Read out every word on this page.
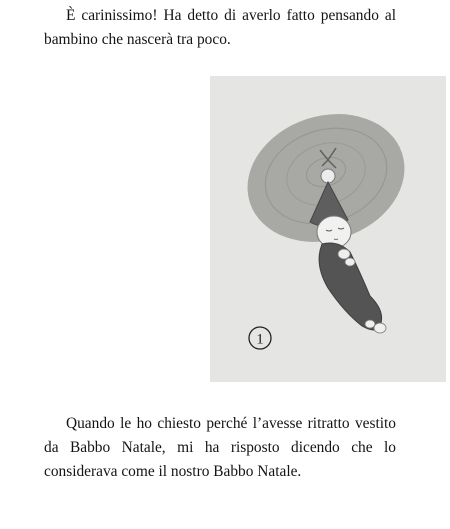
È carinissimo! Ha detto di averlo fatto pensando al bambino che nascerà tra poco.

1

Quando le ho chiesto perché l’avesse ritratto vestito da Babbo Natale, mi ha risposto dicendo che lo considerava come il nostro Babbo Natale.
